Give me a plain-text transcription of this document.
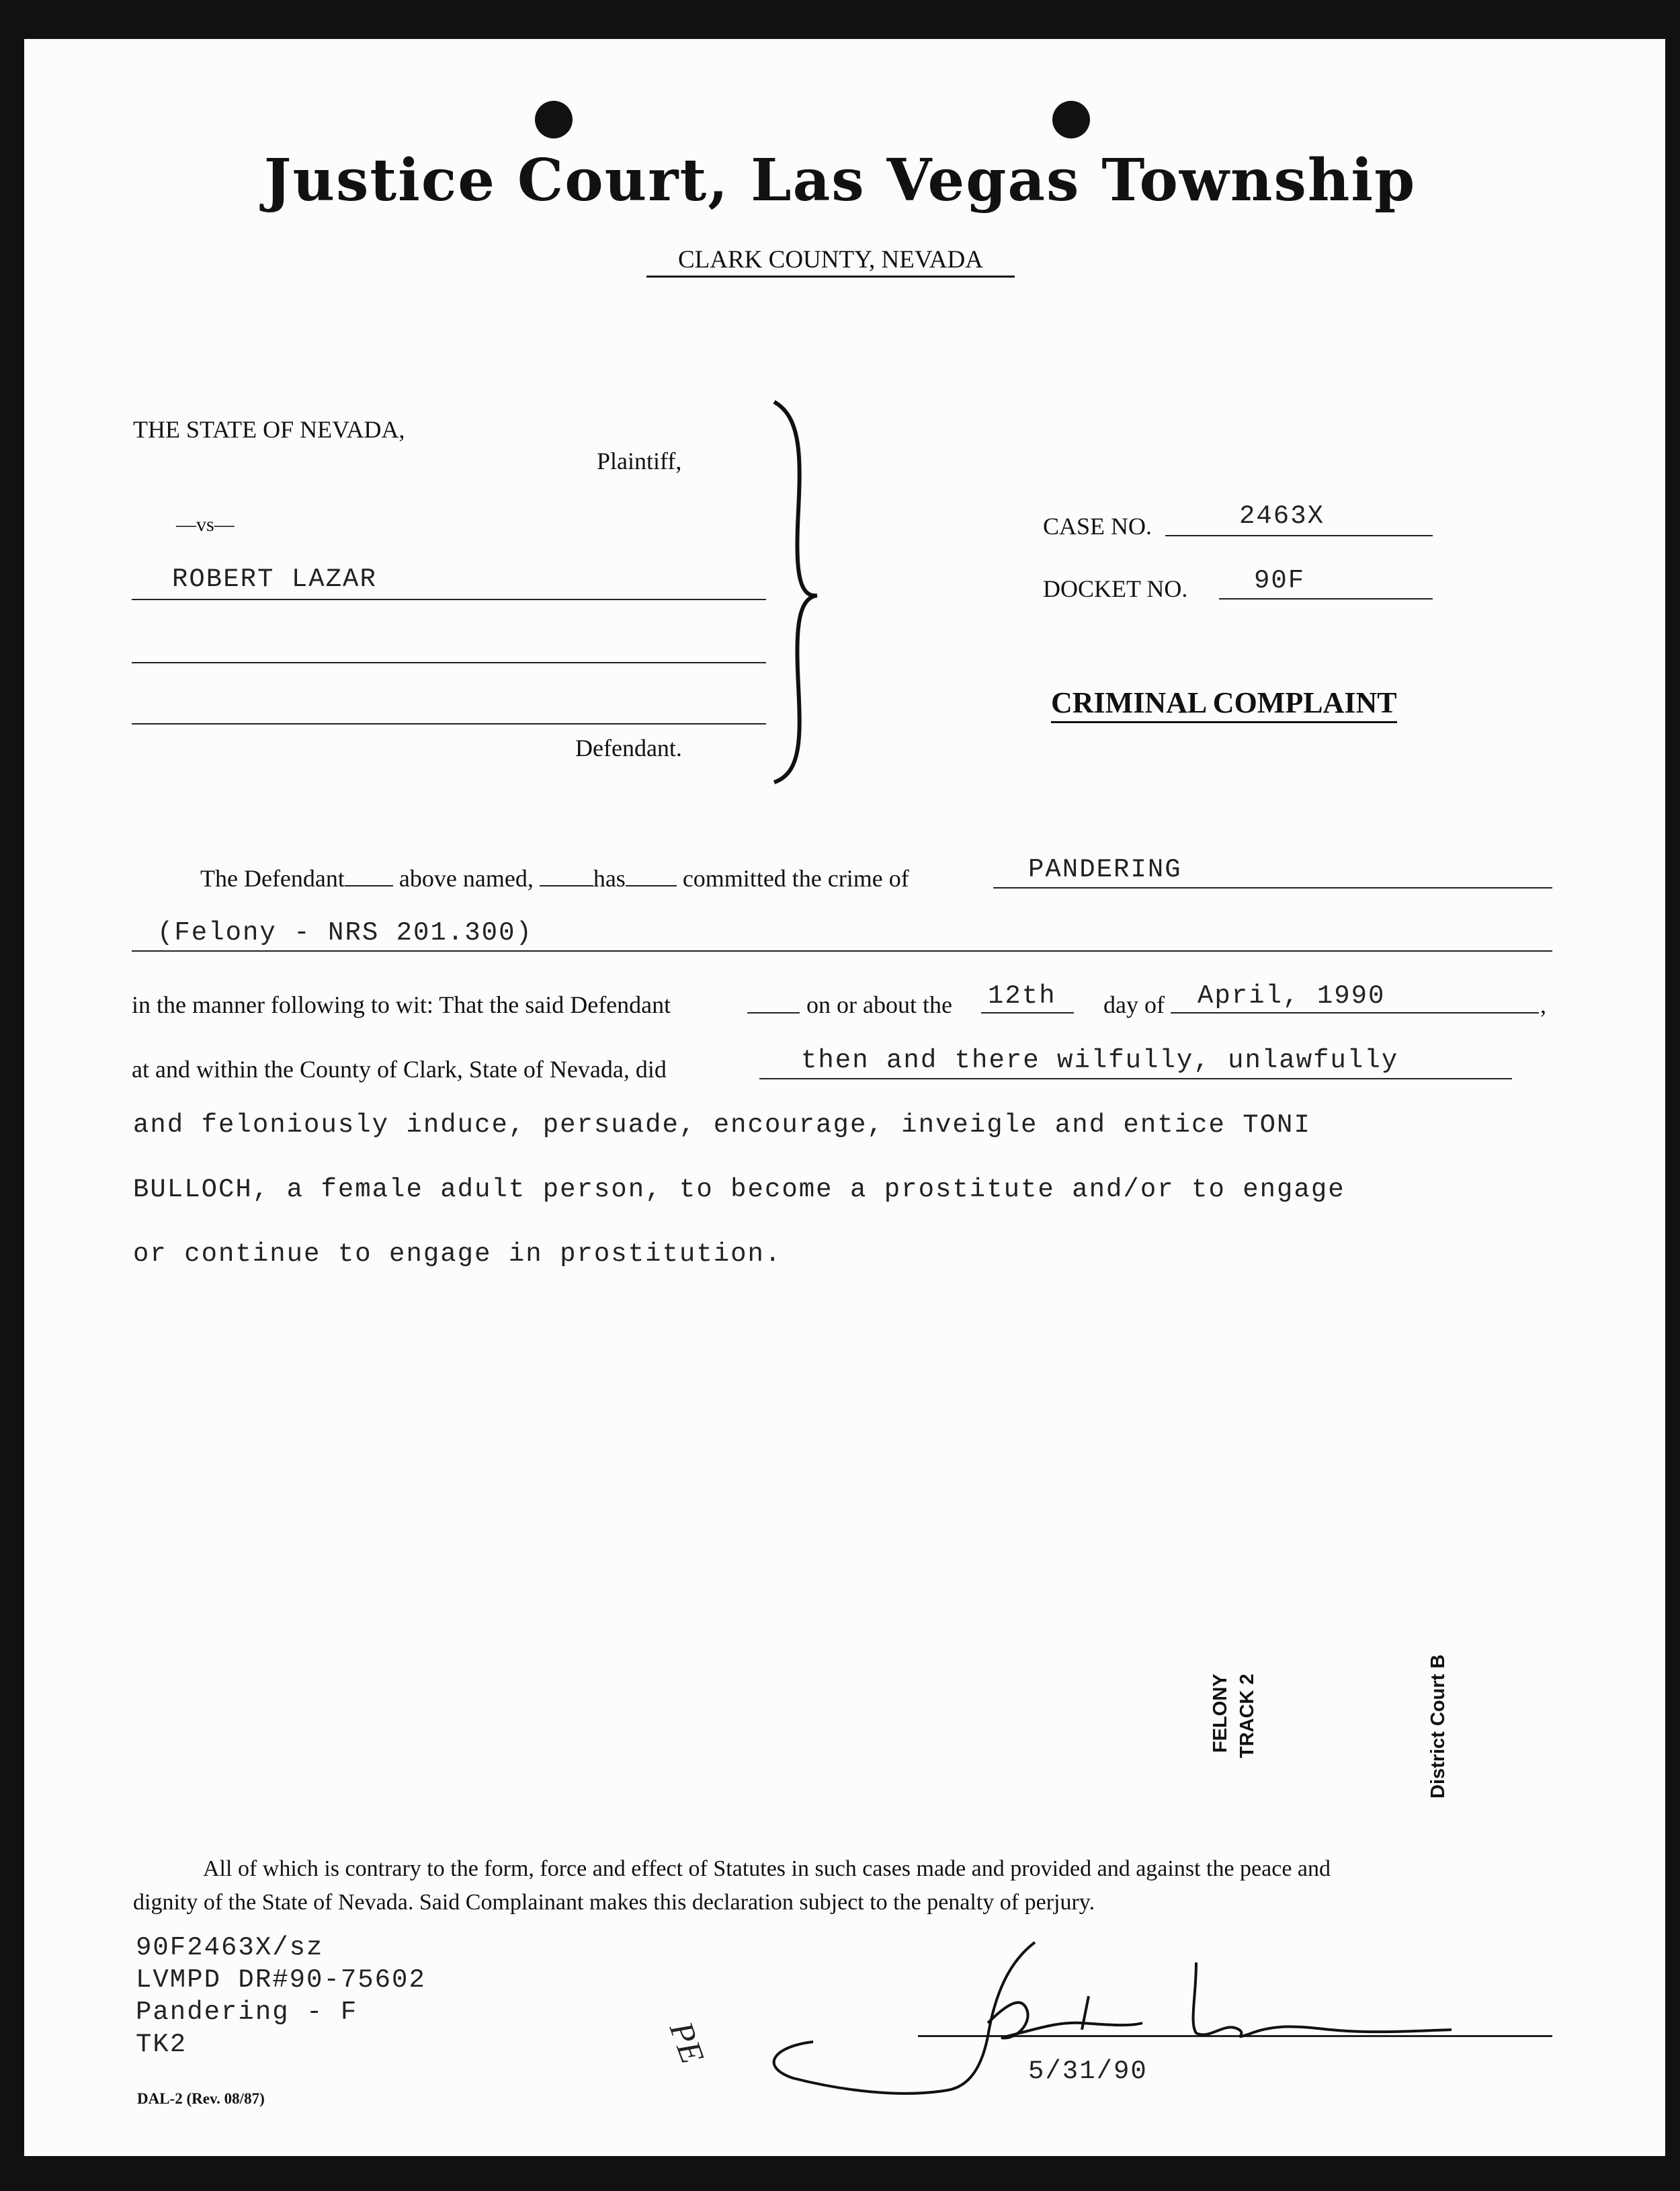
Justice Court, Las Vegas Township
CLARK COUNTY, NEVADA
THE STATE OF NEVADA,
Plaintiff,
—vs—
ROBERT LAZAR
Defendant.
CASE NO.	2463X
DOCKET NO.	90F
CRIMINAL COMPLAINT
The Defendant above named, has committed the crime of	PANDERING
(Felony - NRS 201.300)
in the manner following to wit: That the said Defendant	on or about the 12th day of April, 1990	,
at and within the County of Clark, State of Nevada, did	then and there wilfully, unlawfully
and feloniously induce, persuade, encourage, inveigle and entice TONI
BULLOCH, a female adult person, to become a prostitute and/or to engage
or continue to engage in prostitution.
FELONY TRACK 2	District Court B
All of which is contrary to the form, force and effect of Statutes in such cases made and provided and against the peace and
dignity of the State of Nevada. Said Complainant makes this declaration subject to the penalty of perjury.
90F2463X/sz
LVMPD DR#90-75602
Pandering - F
TK2	PE
5/31/90
DAL-2 (Rev. 08/87)
